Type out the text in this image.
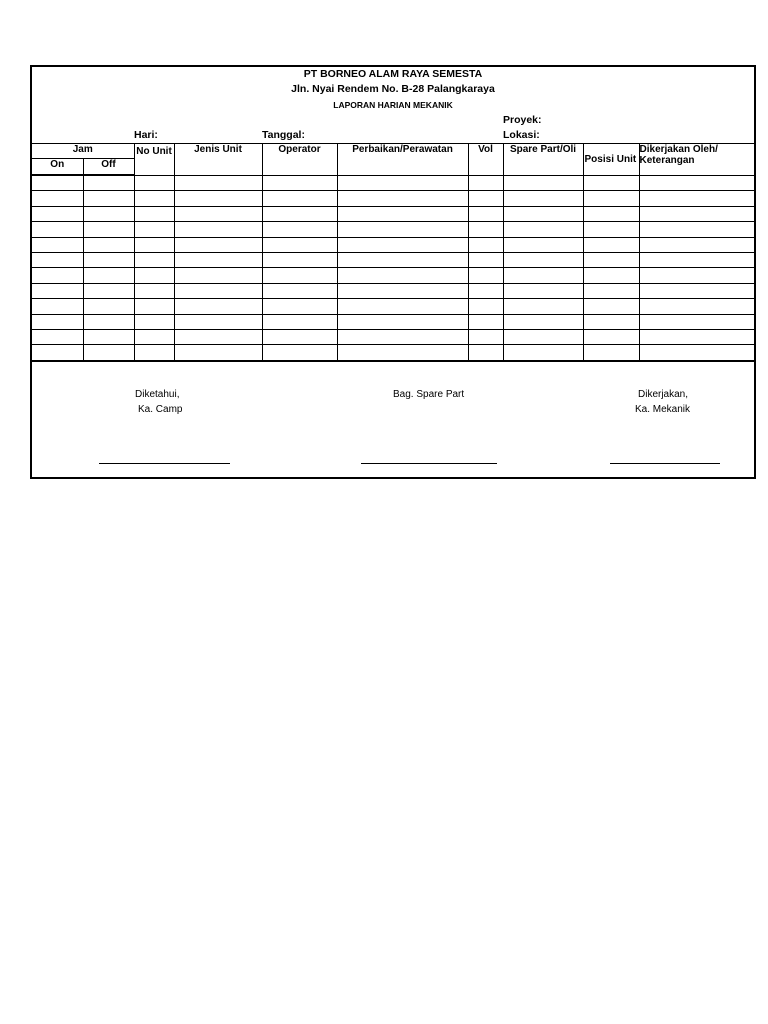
PT BORNEO ALAM RAYA SEMESTA
Jln. Nyai Rendem No. B-28 Palangkaraya
LAPORAN HARIAN MEKANIK
Proyek:
Hari:	Tanggal:	Lokasi:
Jam		No Unit	Jenis Unit	Operator	Perbaikan/Perawatan	Vol	Spare Part/Oli	Posisi Unit	Dikerjakan Oleh/
Keterangan

On	Off								

Diketahui,
Ka. Camp
Bag. Spare Part	Dikerjakan,
Ka. Mekanik
